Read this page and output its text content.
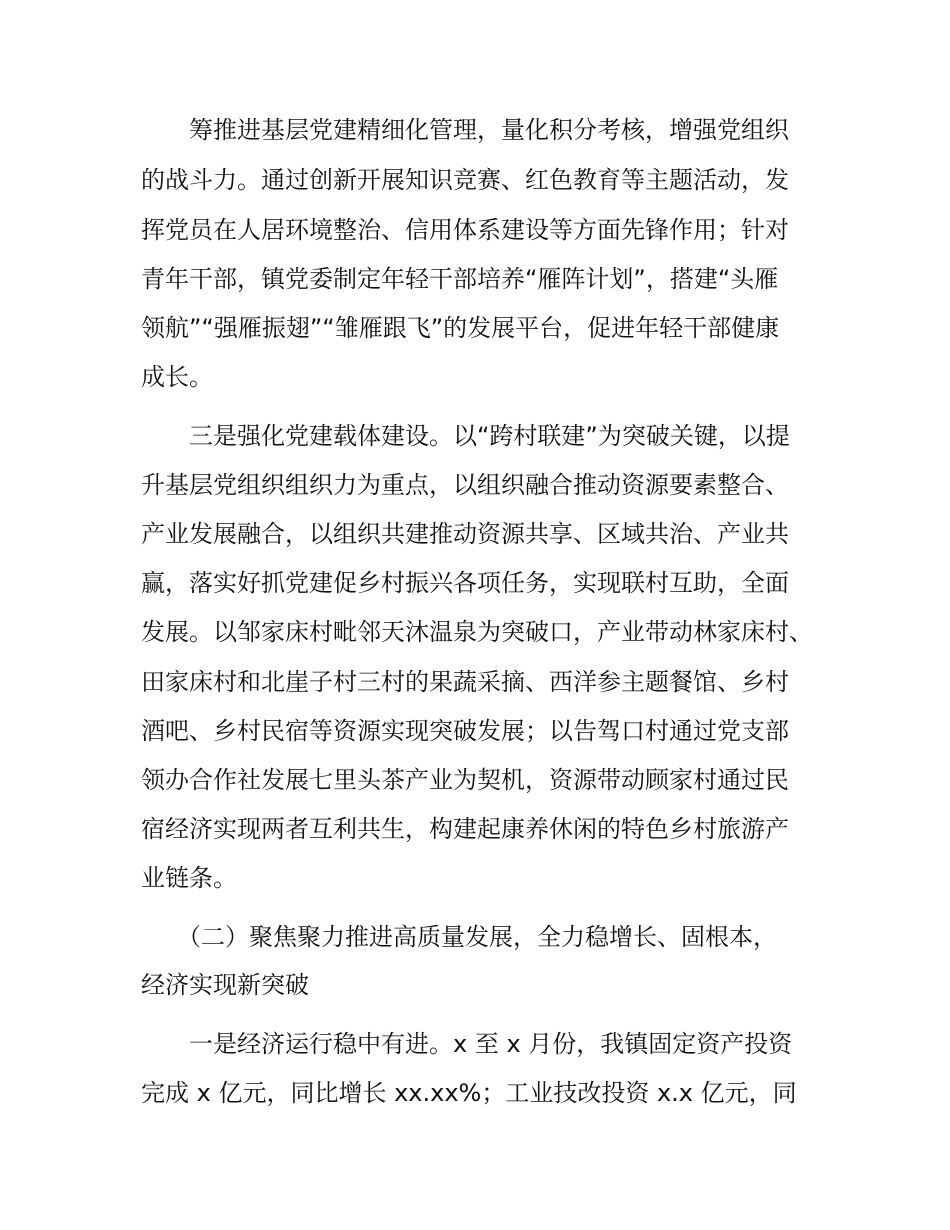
　　筹推进基层党建精细化管理，量化积分考核，增强党组织
的战斗力。通过创新开展知识竞赛、红色教育等主题活动，发
挥党员在人居环境整治、信用体系建设等方面先锋作用；针对
青年干部，镇党委制定年轻干部培养“雁阵计划”，搭建“头雁
领航”“强雁振翅”“雏雁跟飞”的发展平台，促进年轻干部健康
成长。
　　三是强化党建载体建设。以“跨村联建”为突破关键，以提
升基层党组织组织力为重点，以组织融合推动资源要素整合、
产业发展融合，以组织共建推动资源共享、区域共治、产业共
赢，落实好抓党建促乡村振兴各项任务，实现联村互助，全面
发展。以邹家床村毗邻天沐温泉为突破口，产业带动林家床村、
田家床村和北崖子村三村的果蔬采摘、西洋参主题餐馆、乡村
酒吧、乡村民宿等资源实现突破发展；以告驾口村通过党支部
领办合作社发展七里头茶产业为契机，资源带动顾家村通过民
宿经济实现两者互利共生，构建起康养休闲的特色乡村旅游产
业链条。
　　（二）聚焦聚力推进高质量发展，全力稳增长、固根本，
经济实现新突破
　　一是经济运行稳中有进。x 至 x 月份，我镇固定资产投资
完成 x 亿元，同比增长 xx.xx%；工业技改投资 x.x 亿元，同
